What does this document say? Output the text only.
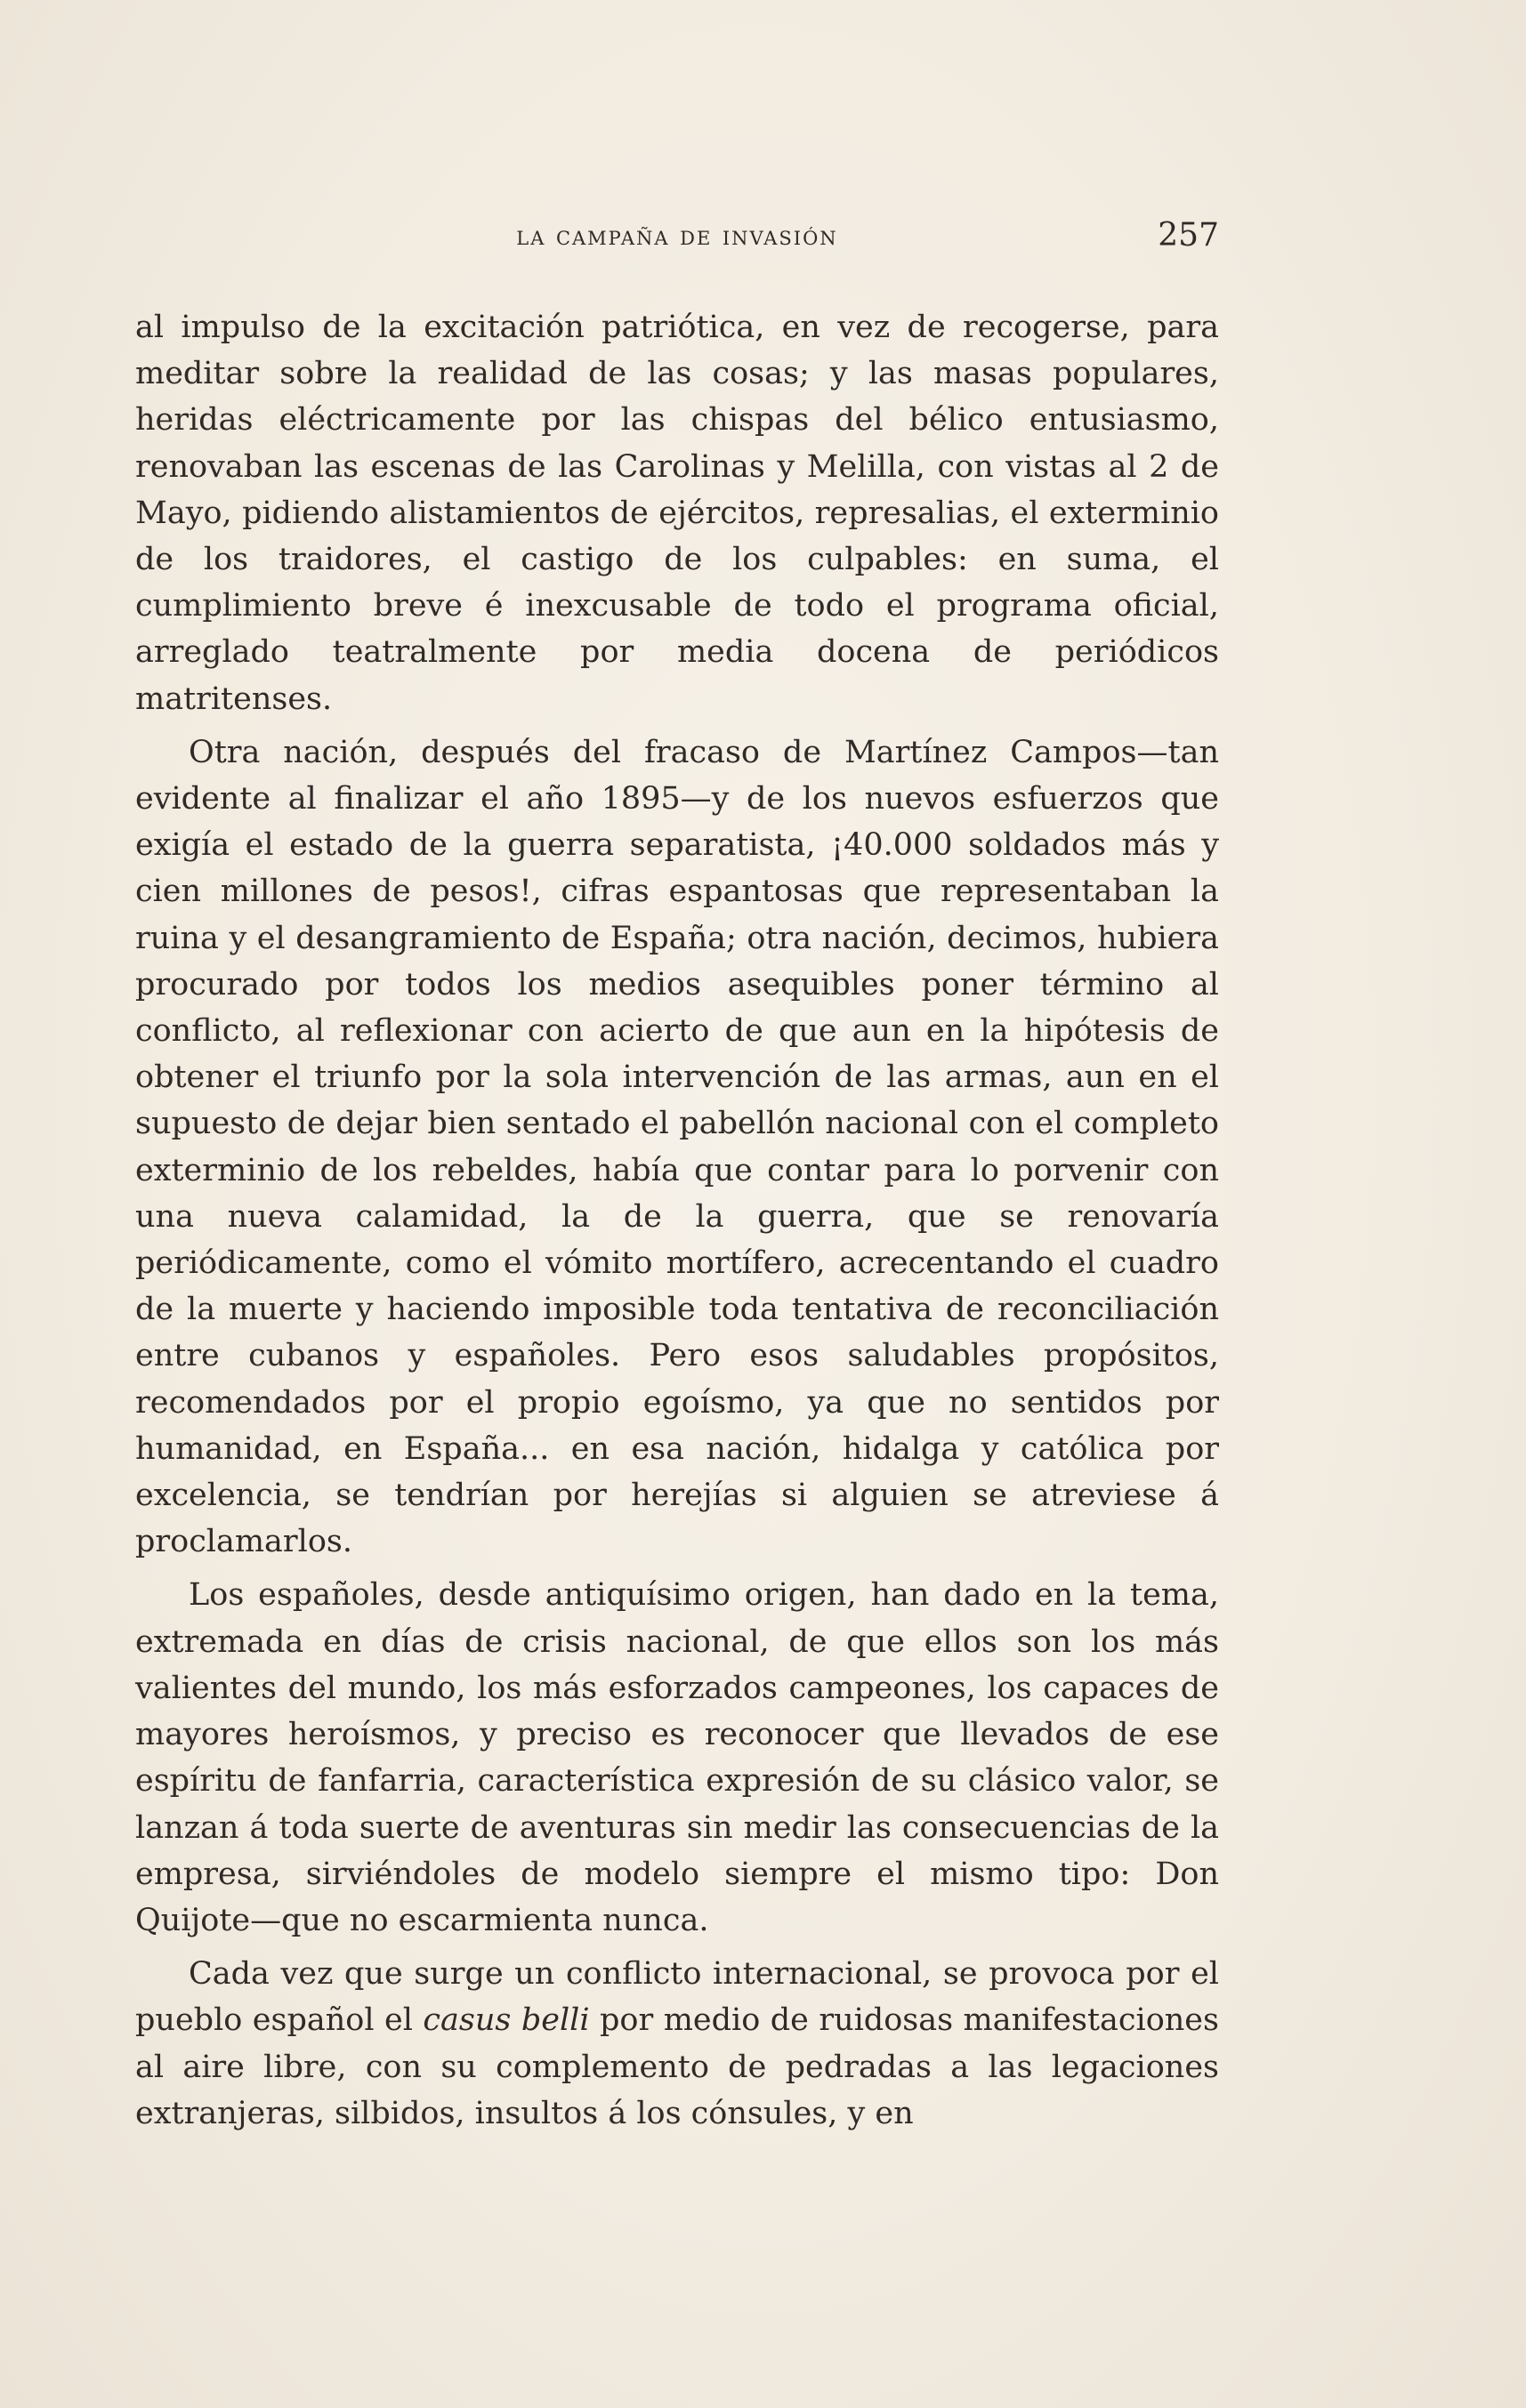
la campaña de invasión	257

al impulso de la excitación patriótica, en vez de recogerse, para meditar sobre la realidad de las cosas; y las masas populares, heridas eléctricamente por las chispas del bélico entusiasmo, renovaban las escenas de las Carolinas y Melilla, con vistas al 2 de Mayo, pidiendo alistamientos de ejércitos, represalias, el exterminio de los traidores, el castigo de los culpables: en suma, el cumplimiento breve é inexcusable de todo el programa oficial, arreglado teatralmente por media docena de periódicos matritenses.

Otra nación, después del fracaso de Martínez Campos—tan evidente al finalizar el año 1895—y de los nuevos esfuerzos que exigía el estado de la guerra separatista, ¡40.000 soldados más y cien millones de pesos!, cifras espantosas que representaban la ruina y el desangramiento de España; otra nación, decimos, hubiera procurado por todos los medios asequibles poner término al conflicto, al reflexionar con acierto de que aun en la hipótesis de obtener el triunfo por la sola intervención de las armas, aun en el supuesto de dejar bien sentado el pabellón nacional con el completo exterminio de los rebeldes, había que contar para lo porvenir con una nueva calamidad, la de la guerra, que se renovaría periódicamente, como el vómito mortífero, acrecentando el cuadro de la muerte y haciendo imposible toda tentativa de reconciliación entre cubanos y españoles. Pero esos saludables propósitos, recomendados por el propio egoísmo, ya que no sentidos por humanidad, en España... en esa nación, hidalga y católica por excelencia, se tendrían por herejías si alguien se atreviese á proclamarlos.

Los españoles, desde antiquísimo origen, han dado en la tema, extremada en días de crisis nacional, de que ellos son los más valientes del mundo, los más esforzados campeones, los capaces de mayores heroísmos, y preciso es reconocer que llevados de ese espíritu de fanfarria, característica expresión de su clásico valor, se lanzan á toda suerte de aventuras sin medir las consecuencias de la empresa, sirviéndoles de modelo siempre el mismo tipo: Don Quijote—que no escarmienta nunca.

Cada vez que surge un conflicto internacional, se provoca por el pueblo español el casus belli por medio de ruidosas manifestaciones al aire libre, con su complemento de pedradas a las legaciones extranjeras, silbidos, insultos á los cónsules, y en
